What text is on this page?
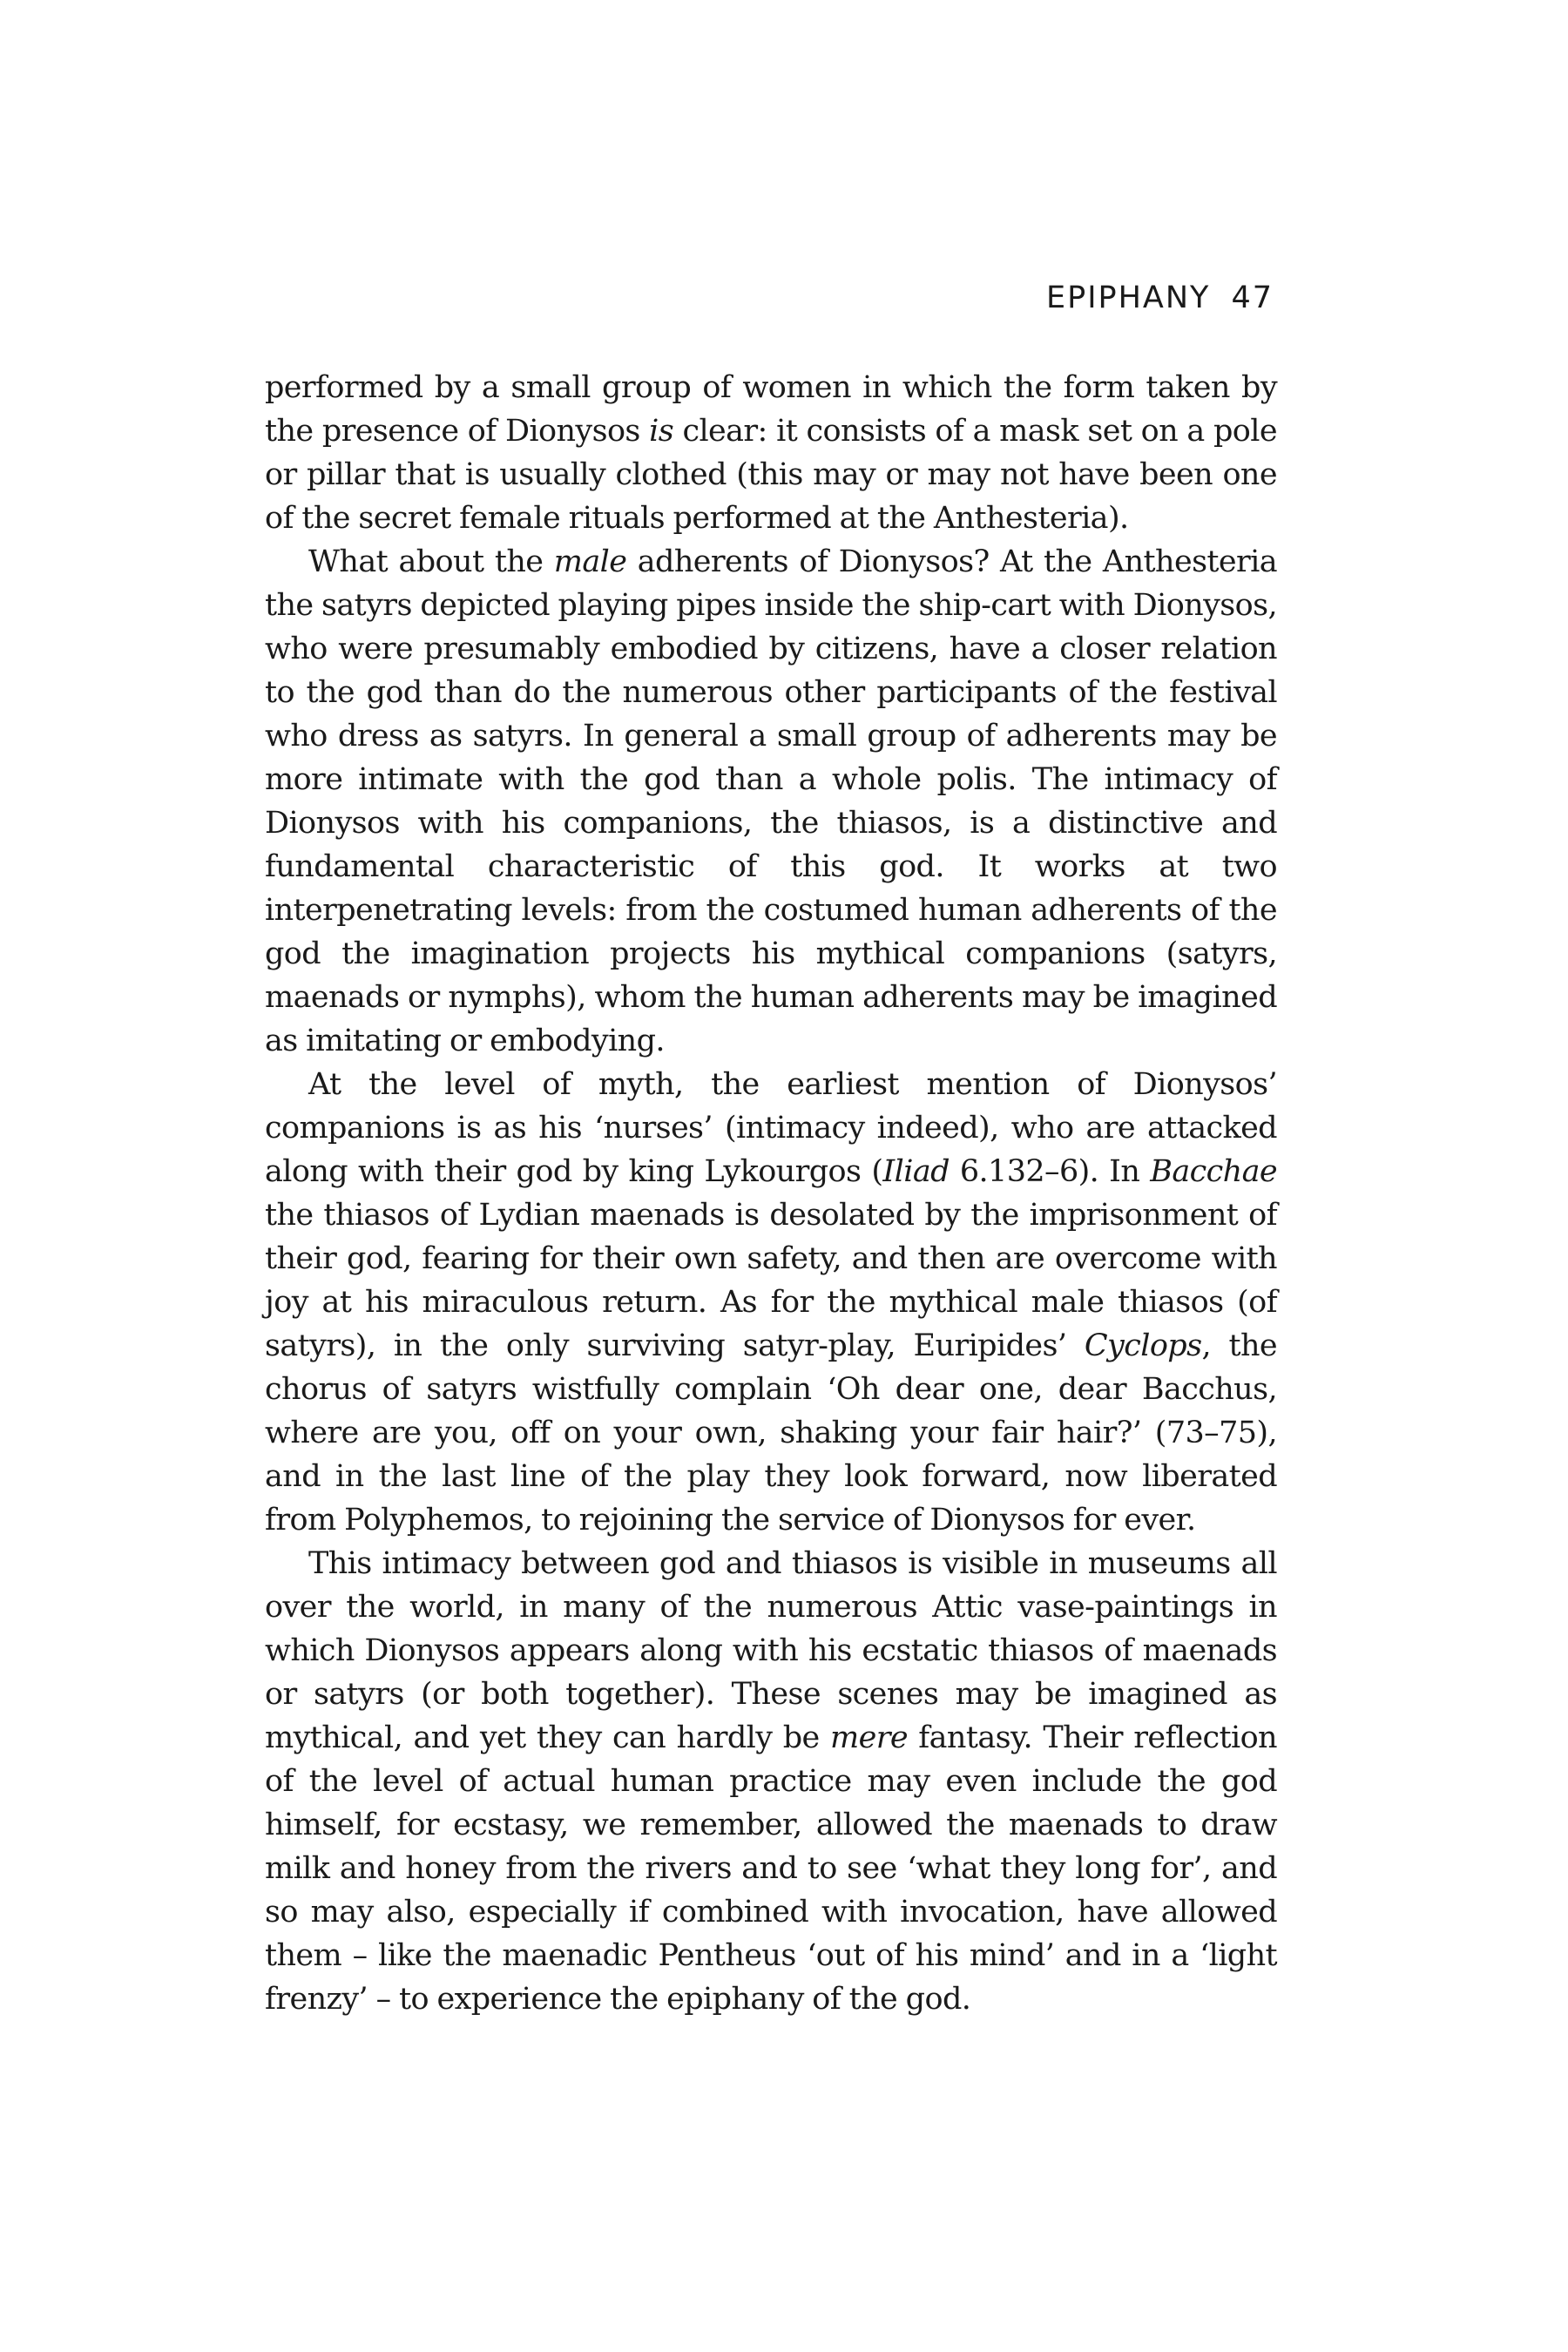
EPIPHANY 47

performed by a small group of women in which the form taken by the presence of Dionysos is clear: it consists of a mask set on a pole or pillar that is usually clothed (this may or may not have been one of the secret female rituals performed at the Anthesteria).

What about the male adherents of Dionysos? At the Anthesteria the satyrs depicted playing pipes inside the ship-cart with Dionysos, who were presumably embodied by citizens, have a closer relation to the god than do the numerous other participants of the festival who dress as satyrs. In general a small group of adherents may be more intimate with the god than a whole polis. The intimacy of Dionysos with his companions, the thiasos, is a distinctive and fundamental characteristic of this god. It works at two interpenetrating levels: from the costumed human adherents of the god the imagination projects his mythical companions (satyrs, maenads or nymphs), whom the human adherents may be imagined as imitating or embodying.

At the level of myth, the earliest mention of Dionysos’ companions is as his ‘nurses’ (intimacy indeed), who are attacked along with their god by king Lykourgos (Iliad 6.132–6). In Bacchae the thiasos of Lydian maenads is desolated by the imprisonment of their god, fearing for their own safety, and then are overcome with joy at his miraculous return. As for the mythical male thiasos (of satyrs), in the only surviving satyr-play, Euripides’ Cyclops, the chorus of satyrs wistfully complain ‘Oh dear one, dear Bacchus, where are you, off on your own, shaking your fair hair?’ (73–75), and in the last line of the play they look forward, now liberated from Polyphemos, to rejoining the service of Dionysos for ever.

This intimacy between god and thiasos is visible in museums all over the world, in many of the numerous Attic vase-paintings in which Dionysos appears along with his ecstatic thiasos of maenads or satyrs (or both together). These scenes may be imagined as mythical, and yet they can hardly be mere fantasy. Their reflection of the level of actual human practice may even include the god himself, for ecstasy, we remember, allowed the maenads to draw milk and honey from the rivers and to see ‘what they long for’, and so may also, especially if combined with invocation, have allowed them – like the maenadic Pentheus ‘out of his mind’ and in a ‘light frenzy’ – to experience the epiphany of the god.
